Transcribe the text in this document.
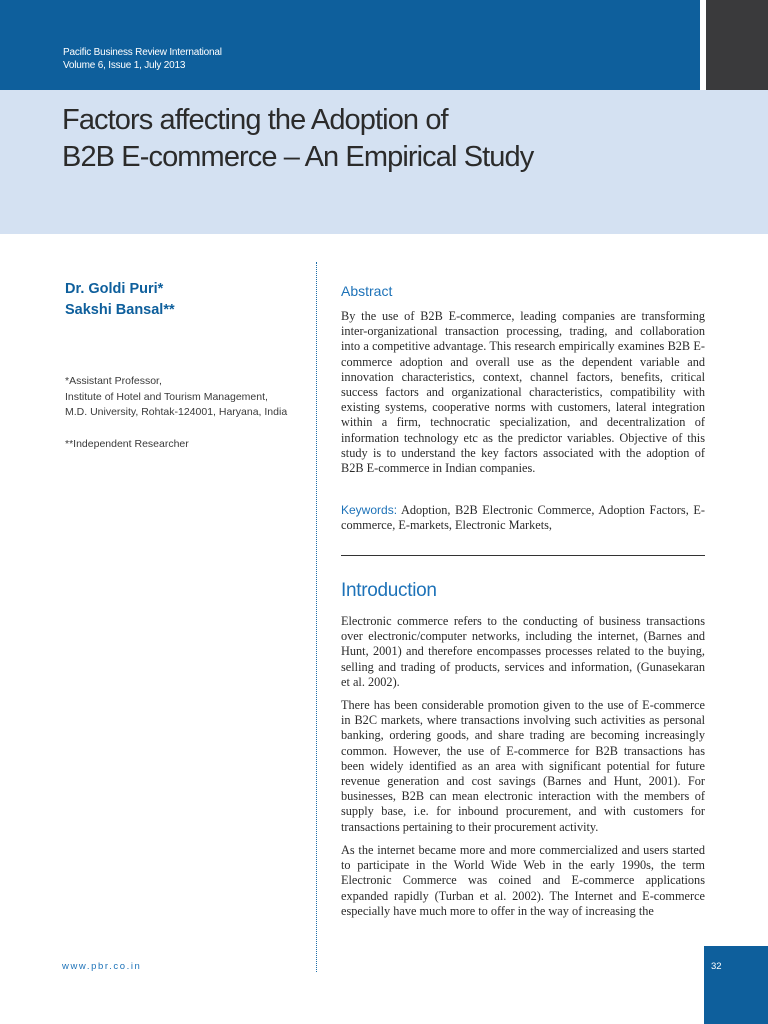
Pacific Business Review International
Volume 6, Issue 1, July 2013
Factors affecting the Adoption of
B2B E-commerce – An Empirical Study
Dr. Goldi Puri*
Sakshi Bansal**
*Assistant Professor,
Institute of Hotel and Tourism Management,
M.D. University, Rohtak-124001, Haryana, India
**Independent Researcher
Abstract

By the use of B2B E-commerce, leading companies are transforming inter-organizational transaction processing, trading, and collaboration into a competitive advantage. This research empirically examines B2B E-commerce adoption and overall use as the dependent variable and innovation characteristics, context, channel factors, benefits, critical success factors and organizational characteristics, compatibility with existing systems, cooperative norms with customers, lateral integration within a firm, technocratic specialization, and decentralization of information technology etc as the predictor variables. Objective of this study is to understand the key factors associated with the adoption of B2B E-commerce in Indian companies.

Keywords: Adoption, B2B Electronic Commerce, Adoption Factors, E-commerce, E-markets, Electronic Markets,

Introduction

Electronic commerce refers to the conducting of business transactions over electronic/computer networks, including the internet, (Barnes and Hunt, 2001) and therefore encompasses processes related to the buying, selling and trading of products, services and information, (Gunasekaran et al. 2002).

There has been considerable promotion given to the use of E-commerce in B2C markets, where transactions involving such activities as personal banking, ordering goods, and share trading are becoming increasingly common. However, the use of E-commerce for B2B transactions has been widely identified as an area with significant potential for future revenue generation and cost savings (Barnes and Hunt, 2001). For businesses, B2B can mean electronic interaction with the members of supply base, i.e. for inbound procurement, and with customers for transactions pertaining to their procurement activity.

As the internet became more and more commercialized and users started to participate in the World Wide Web in the early 1990s, the term Electronic Commerce was coined and E-commerce applications expanded rapidly (Turban et al. 2002). The Internet and E-commerce especially have much more to offer in the way of increasing the

www.pbr.co.in	32
